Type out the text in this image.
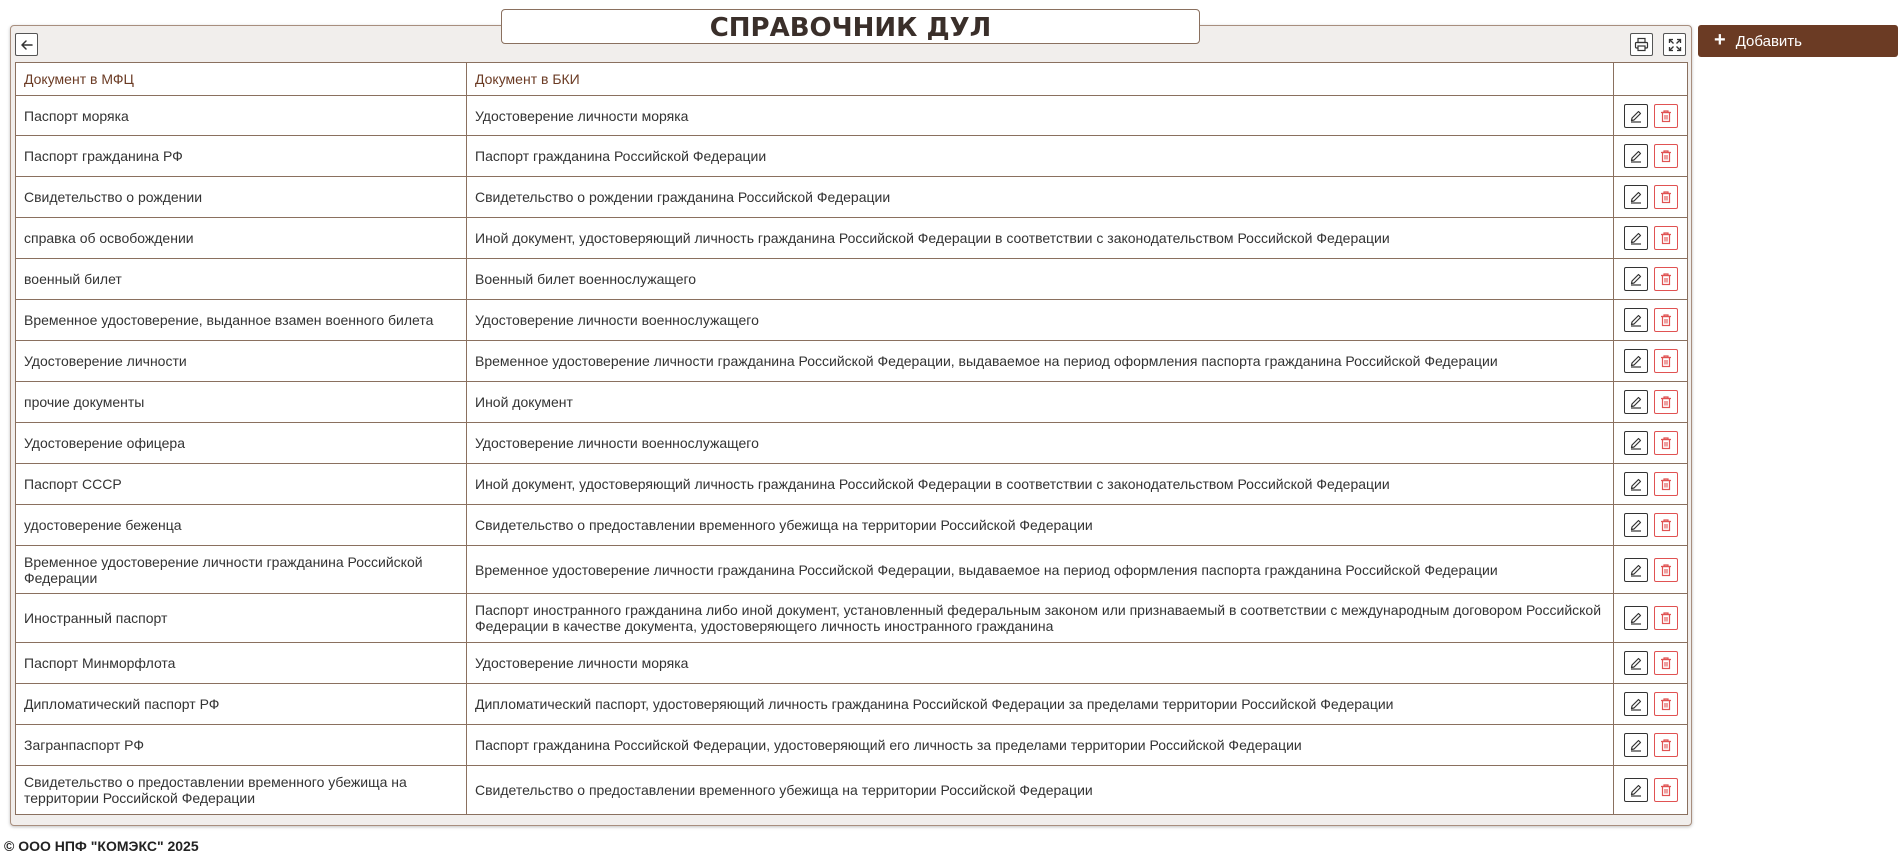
СПРАВОЧНИК ДУЛ	+ Добавить
Документ в МФЦ	Документ в БКИ	
Паспорт моряка	Удостоверение личности моряка	

Паспорт гражданина РФ	Паспорт гражданина Российской Федерации	

Свидетельство о рождении	Свидетельство о рождении гражданина Российской Федерации	

справка об освобождении	Иной документ, удостоверяющий личность гражданина Российской Федерации в соответствии с законодательством Российской Федерации	

военный билет	Военный билет военнослужащего	

Временное удостоверение, выданное взамен военного билета	Удостоверение личности военнослужащего	

Удостоверение личности	Временное удостоверение личности гражданина Российской Федерации, выдаваемое на период оформления паспорта гражданина Российской Федерации	

прочие документы	Иной документ	

Удостоверение офицера	Удостоверение личности военнослужащего	

Паспорт СССР	Иной документ, удостоверяющий личность гражданина Российской Федерации в соответствии с законодательством Российской Федерации	

удостоверение беженца	Свидетельство о предоставлении временного убежища на территории Российской Федерации	

Временное удостоверение личности гражданина Российской Федерации	Временное удостоверение личности гражданина Российской Федерации, выдаваемое на период оформления паспорта гражданина Российской Федерации	

Иностранный паспорт	Паспорт иностранного гражданина либо иной документ, установленный федеральным законом или признаваемый в соответствии с международным договором Российской Федерации в качестве документа, удостоверяющего личность иностранного гражданина	

Паспорт Минморфлота	Удостоверение личности моряка	

Дипломатический паспорт РФ	Дипломатический паспорт, удостоверяющий личность гражданина Российской Федерации за пределами территории Российской Федерации	

Загранпаспорт РФ	Паспорт гражданина Российской Федерации, удостоверяющий его личность за пределами территории Российской Федерации	

Свидетельство о предоставлении временного убежища на территории Российской Федерации	Свидетельство о предоставлении временного убежища на территории Российской Федерации	
© ООО НПФ "КОМЭКС" 2025
